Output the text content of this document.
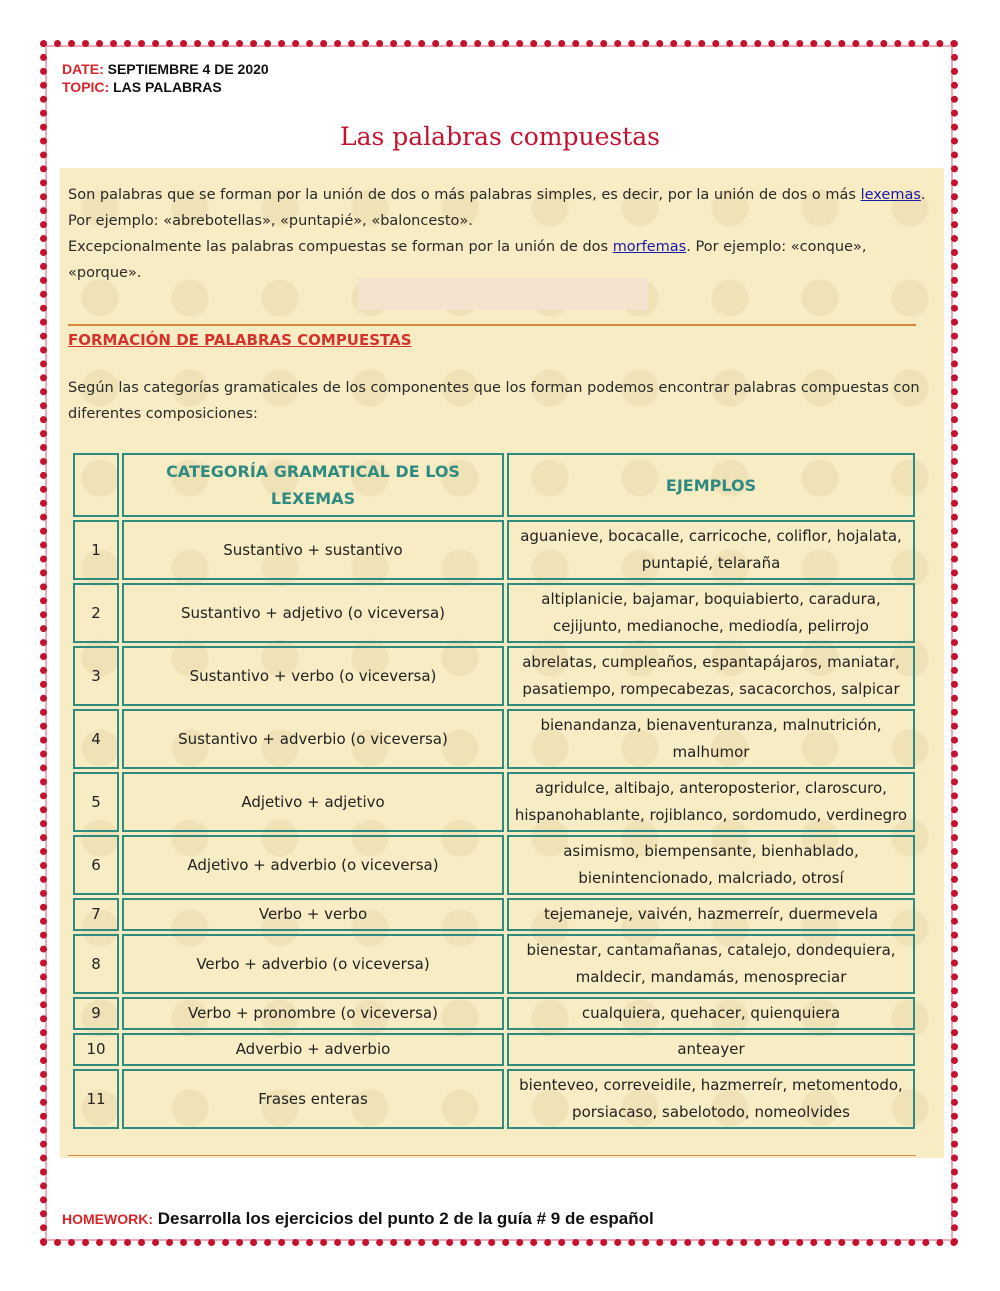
DATE: SEPTIEMBRE 4 DE 2020
TOPIC: LAS PALABRAS
Las palabras compuestas
Son palabras que se forman por la unión de dos o más palabras simples, es decir, por la unión de dos o más lexemas. Por ejemplo: «abrebotellas», «puntapié», «baloncesto».
Excepcionalmente las palabras compuestas se forman por la unión de dos morfemas. Por ejemplo: «conque», «porque».
FORMACIÓN DE PALABRAS COMPUESTAS
Según las categorías gramaticales de los componentes que los forman podemos encontrar palabras compuestas con diferentes composiciones:
	CATEGORÍA GRAMATICAL DE LOS LEXEMAS	EJEMPLOS
1	Sustantivo + sustantivo	aguanieve, bocacalle, carricoche, coliflor, hojalata, puntapié, telaraña
2	Sustantivo + adjetivo (o viceversa)	altiplanicie, bajamar, boquiabierto, caradura, cejijunto, medianoche, mediodía, pelirrojo
3	Sustantivo + verbo (o viceversa)	abrelatas, cumpleaños, espantapájaros, maniatar, pasatiempo, rompecabezas, sacacorchos, salpicar
4	Sustantivo + adverbio (o viceversa)	bienandanza, bienaventuranza, malnutrición, malhumor
5	Adjetivo + adjetivo	agridulce, altibajo, anteroposterior, claroscuro, hispanohablante, rojiblanco, sordomudo, verdinegro
6	Adjetivo + adverbio (o viceversa)	asimismo, biempensante, bienhablado, bienintencionado, malcriado, otrosí
7	Verbo + verbo	tejemaneje, vaivén, hazmerreír, duermevela
8	Verbo + adverbio (o viceversa)	bienestar, cantamañanas, catalejo, dondequiera, maldecir, mandamás, menospreciar
9	Verbo + pronombre (o viceversa)	cualquiera, quehacer, quienquiera
10	Adverbio + adverbio	anteayer
11	Frases enteras	bienteveo, correveidile, hazmerreír, metomentodo, porsiacaso, sabelotodo, nomeolvides
HOMEWORK: Desarrolla los ejercicios del punto 2 de la guía # 9 de español
